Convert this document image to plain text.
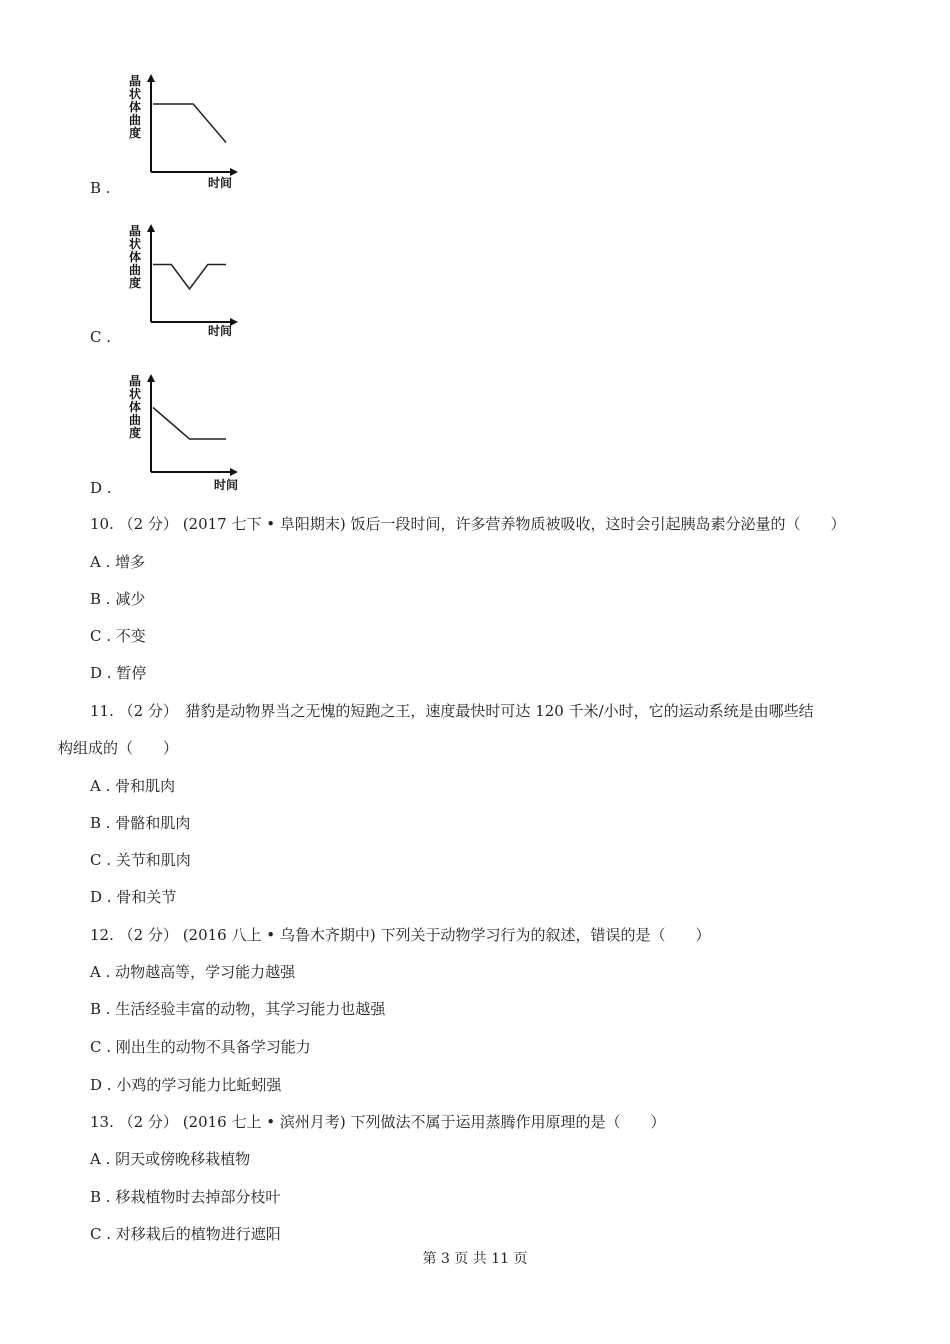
晶
状
体
曲
度
时间
B .
晶
状
体
曲
度
时间
C .
晶
状
体
曲
度
时间
D .
10. （2 分） (2017 七下 • 阜阳期末) 饭后一段时间，许多营养物质被吸收，这时会引起胰岛素分泌量的（　　）
A . 增多
B . 减少
C . 不变
D . 暂停
11. （2 分）　猎豹是动物界当之无愧的短跑之王，速度最快时可达 120 千米/小时，它的运动系统是由哪些结
构组成的（　　）
A . 骨和肌肉
B . 骨骼和肌肉
C . 关节和肌肉
D . 骨和关节
12. （2 分） (2016 八上 • 乌鲁木齐期中) 下列关于动物学习行为的叙述，错误的是（　　）
A . 动物越高等，学习能力越强
B . 生活经验丰富的动物，其学习能力也越强
C . 刚出生的动物不具备学习能力
D . 小鸡的学习能力比蚯蚓强
13. （2 分） (2016 七上 • 滨州月考) 下列做法不属于运用蒸腾作用原理的是（　　）
A . 阴天或傍晚移栽植物
B . 移栽植物时去掉部分枝叶
C . 对移栽后的植物进行遮阳
第 3 页 共 11 页
